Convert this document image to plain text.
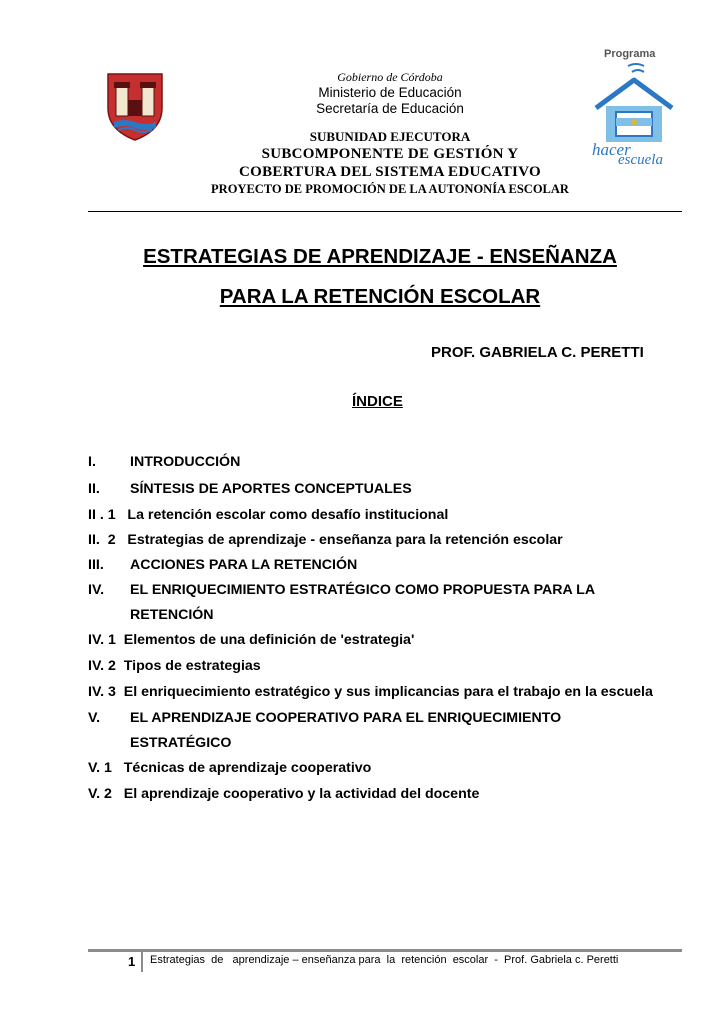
Gobierno de Córdoba
Ministerio de Educación
Secretaría de Educación
SUBUNIDAD EJECUTORA
SUBCOMPONENTE DE GESTIÓN Y
COBERTURA DEL SISTEMA EDUCATIVO
PROYECTO DE PROMOCIÓN DE LA AUTONONÍA ESCOLAR
Programa
hacer
escuela
ESTRATEGIAS DE APRENDIZAJE - ENSEÑANZA
PARA LA RETENCIÓN ESCOLAR
PROF. GABRIELA C. PERETTI
ÍNDICE
I. INTRODUCCIÓN
II. SÍNTESIS DE APORTES CONCEPTUALES
II . 1   La retención escolar como desafío institucional
II.  2   Estrategias de aprendizaje - enseñanza para la retención escolar
III. ACCIONES PARA LA RETENCIÓN
IV. EL ENRIQUECIMIENTO ESTRATÉGICO COMO PROPUESTA PARA LA
RETENCIÓN
IV. 1  Elementos de una definición de 'estrategia'
IV. 2  Tipos de estrategias
IV. 3  El enriquecimiento estratégico y sus implicancias para el trabajo en la escuela
V. EL APRENDIZAJE COOPERATIVO PARA EL ENRIQUECIMIENTO
ESTRATÉGICO
V. 1   Técnicas de aprendizaje cooperativo
V. 2   El aprendizaje cooperativo y la actividad del docente
1 Estrategias  de   aprendizaje – enseñanza para  la  retención  escolar  -  Prof. Gabriela c. Peretti
